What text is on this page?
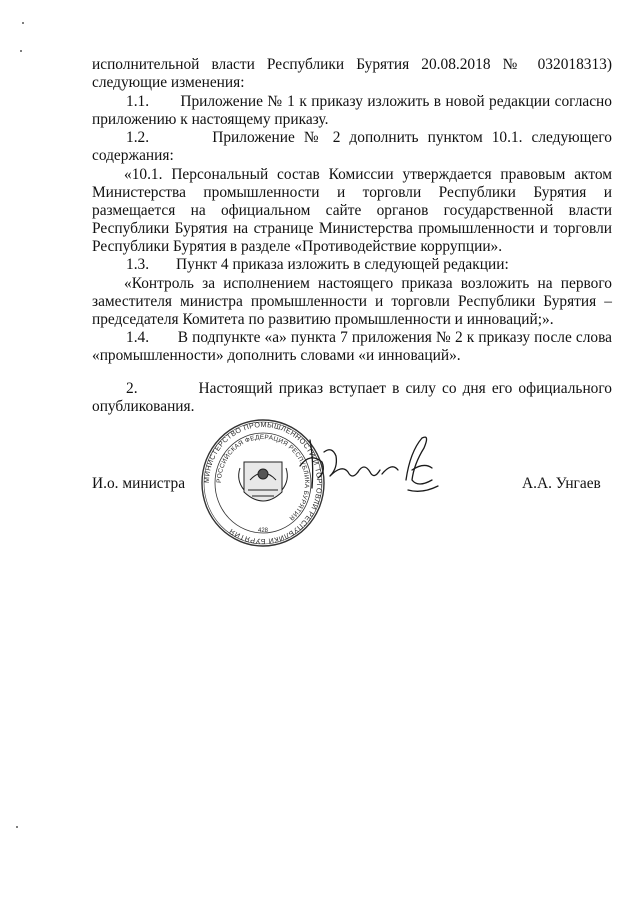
исполнительной власти Республики Бурятия 20.08.2018 № 032018313)
следующие изменения:
1.1.       Приложение № 1 к приказу изложить в новой редакции согласно
приложению к настоящему приказу.
1.2.       Приложение № 2 дополнить пунктом 10.1. следующего
содержания:
«10.1. Персональный состав Комиссии утверждается правовым актом
Министерства промышленности и торговли Республики Бурятия и
размещается на официальном сайте органов государственной власти
Республики Бурятия на странице Министерства промышленности и торговли
Республики Бурятия в разделе «Противодействие коррупции».
1.3.       Пункт 4 приказа изложить в следующей редакции:
«Контроль за исполнением настоящего приказа возложить на первого
заместителя министра промышленности и торговли Республики Бурятия –
председателя Комитета по развитию промышленности и инноваций;».
1.4.       В подпункте «а» пункта 7 приложения № 2 к приказу после слова
«промышленности» дополнить словами «и инноваций».
2.          Настоящий приказ вступает в силу со дня его официального
опубликования.
И.о. министра	А.А. Унгаев
МИНИСТЕРСТВО ПРОМЫШЛЕННОСТИ И ТОРГОВЛИ РЕСПУБЛИКИ БУРЯТИЯ
РОССИЙСКАЯ ФЕДЕРАЦИЯ РЕСПУБЛИКА БУРЯТИЯ
428
